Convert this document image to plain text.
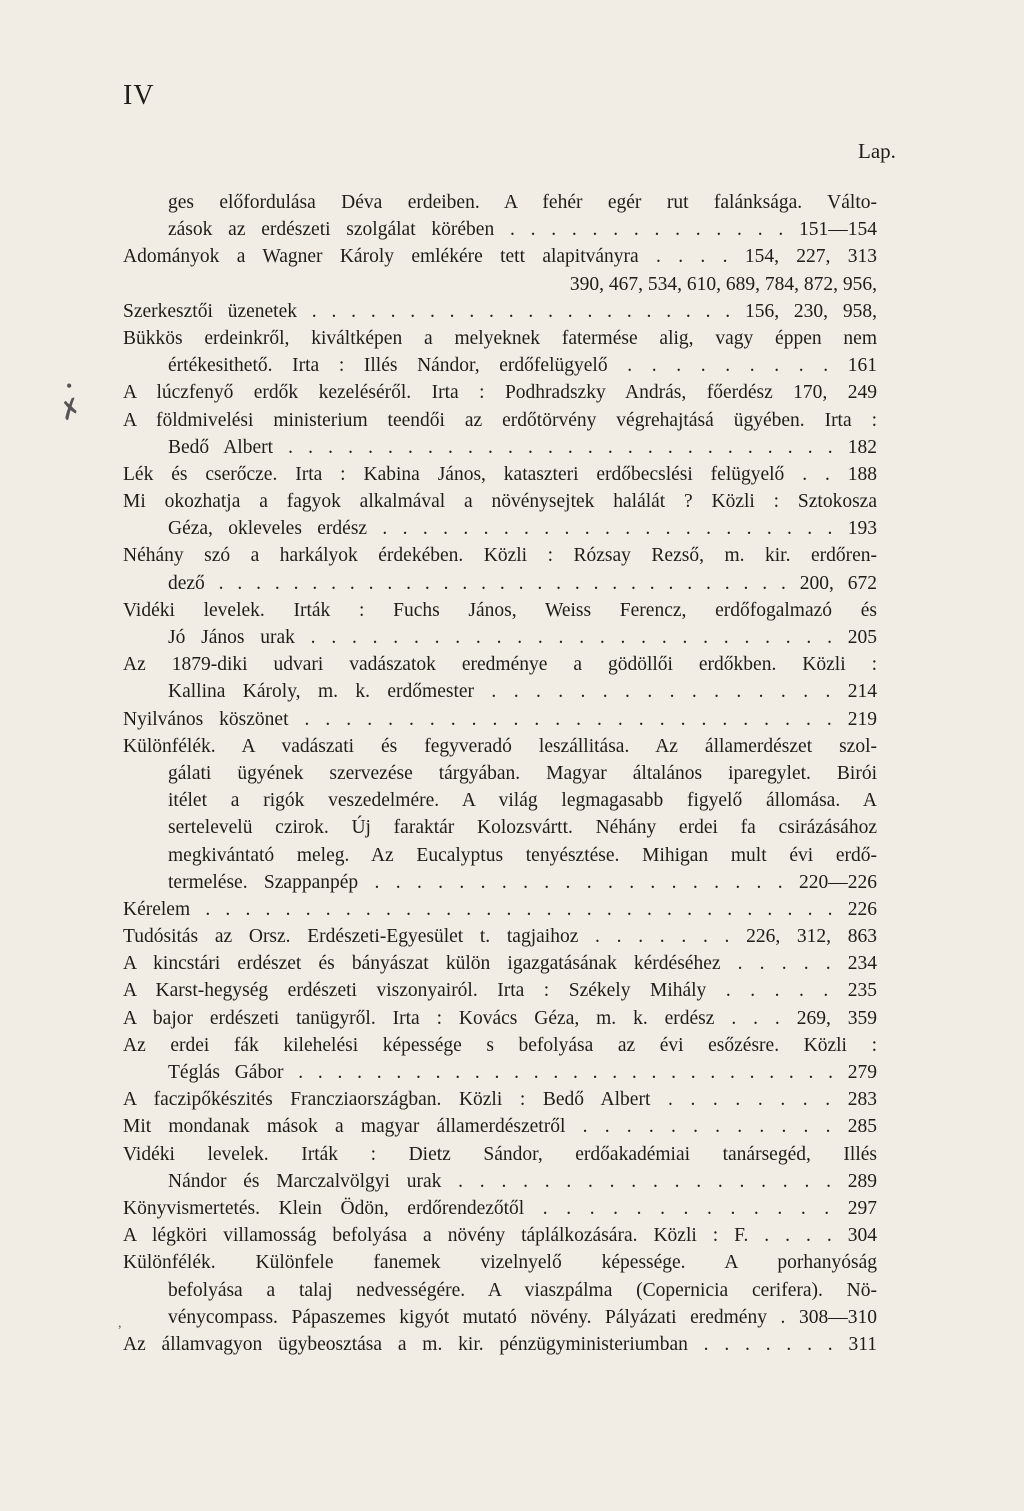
IV
Lap.
•
✗
,
ges előfordulása Déva erdeiben. A fehér egér rut falánksága. Válto-
zások az erdészeti szolgálat körében . . . . . . . . . . . . . . 151—154
Adományok a Wagner Károly emlékére tett alapitványra . . . . 154, 227, 313
390, 467, 534, 610, 689, 784, 872, 956,
Szerkesztői üzenetek . . . . . . . . . . . . . . . . . . . . . . 156, 230, 958,
Bükkös erdeinkről, kiváltképen a melyeknek fatermése alig, vagy éppen nem
értékesithető. Irta : Illés Nándor, erdőfelügyelő . . . . . . . . . 161
A lúczfenyő erdők kezeléséről. Irta : Podhradszky András, főerdész 170, 249
A földmivelési ministerium teendői az erdőtörvény végrehajtásá ügyében. Irta :
Bedő Albert . . . . . . . . . . . . . . . . . . . . . . . . . . . . 182
Lék és cserőcze. Irta : Kabina János, kataszteri erdőbecslési felügyelő . . 188
Mi okozhatja a fagyok alkalmával a növénysejtek halálát ? Közli : Sztokosza
Géza, okleveles erdész . . . . . . . . . . . . . . . . . . . . . . . 193
Néhány szó a harkályok érdekében. Közli : Rózsay Rezső, m. kir. erdőren-
dező . . . . . . . . . . . . . . . . . . . . . . . . . . . . . . . 200, 672
Vidéki levelek. Irták : Fuchs János, Weiss Ferencz, erdőfogalmazó és
Jó János urak . . . . . . . . . . . . . . . . . . . . . . . . . . 205
Az 1879-diki udvari vadászatok eredménye a gödöllői erdőkben. Közli :
Kallina Károly, m. k. erdőmester . . . . . . . . . . . . . . . . 214
Nyilvános köszönet . . . . . . . . . . . . . . . . . . . . . . . . . . 219
Különfélék. A vadászati és fegyveradó leszállitása. Az államerdészet szol-
gálati ügyének szervezése tárgyában. Magyar általános iparegylet. Birói
itélet a rigók veszedelmére. A világ legmagasabb figyelő állomása. A
sertelevelü czirok. Új faraktár Kolozsvártt. Néhány erdei fa csirázásához
megkivántató meleg. Az Eucalyptus tenyésztése. Mihigan mult évi erdő-
termelése. Szappanpép . . . . . . . . . . . . . . . . . . . . 220—226
Kérelem . . . . . . . . . . . . . . . . . . . . . . . . . . . . . . . . 226
Tudósitás az Orsz. Erdészeti-Egyesület t. tagjaihoz . . . . . . . 226, 312, 863
A kincstári erdészet és bányászat külön igazgatásának kérdéséhez . . . . . 234
A Karst-hegység erdészeti viszonyairól. Irta : Székely Mihály . . . . . 235
A bajor erdészeti tanügyről. Irta : Kovács Géza, m. k. erdész . . . 269, 359
Az erdei fák kilehelési képessége s befolyása az évi esőzésre. Közli :
Téglás Gábor . . . . . . . . . . . . . . . . . . . . . . . . . . . . 279
A faczipőkészités Francziaországban. Közli : Bedő Albert . . . . . . . . 283
Mit mondanak mások a magyar államerdészetről . . . . . . . . . . . . 285
Vidéki levelek. Irták : Dietz Sándor, erdőakadémiai tanársegéd, Illés
Nándor és Marczalvölgyi urak . . . . . . . . . . . . . . . . . . 289
Könyvismertetés. Klein Ödön, erdőrendezőtől . . . . . . . . . . . . . 297
A légköri villamosság befolyása a növény táplálkozására. Közli : F. . . . . 304
Különfélék. Különfele fanemek vizelnyelő képessége. A porhanyóság
befolyása a talaj nedvességére. A viaszpálma (Copernicia cerifera). Nö-
vénycompass. Pápaszemes kigyót mutató növény. Pályázati eredmény . 308—310
Az államvagyon ügybeosztása a m. kir. pénzügyministeriumban . . . . . . . 311
